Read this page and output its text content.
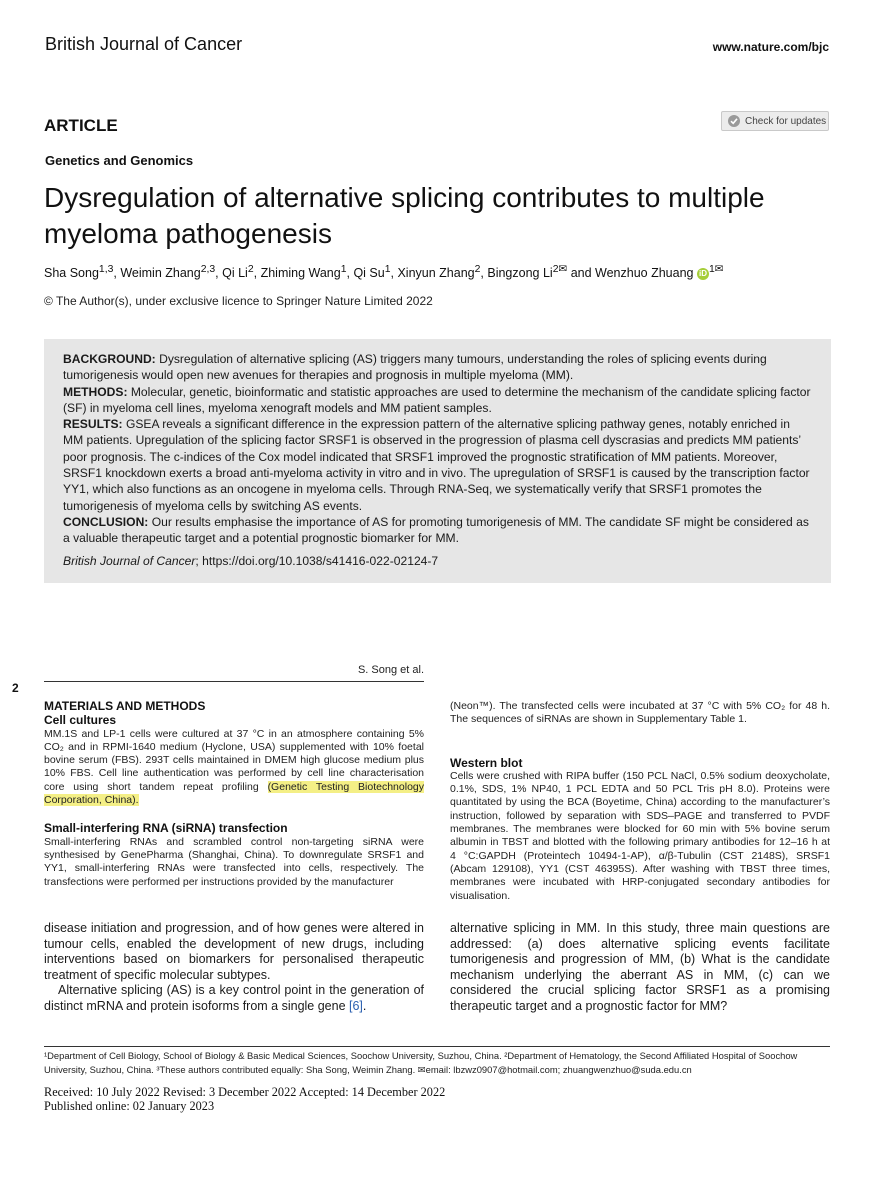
British Journal of Cancer	www.nature.com/bjc
ARTICLE	Check for updates
Genetics and Genomics
Dysregulation of alternative splicing contributes to multiple myeloma pathogenesis
Sha Song$^{1,3}$, Weimin Zhang$^{2,3}$, Qi Li$^2$, Zhiming Wang$^1$, Qi Su$^1$, Xinyun Zhang$^2$, Bingzong $Li^{2✉}$ and Wenzhuo Zhuang iD $^{1✉}$
© The Author(s), under exclusive licence to Springer Nature Limited 2022

BACKGROUND: Dysregulation of alternative splicing (AS) triggers many tumours, understanding the roles of splicing events during tumorigenesis would open new avenues for therapies and prognosis in multiple myeloma (MM).

METHODS: Molecular, genetic, bioinformatic and statistic approaches are used to determine the mechanism of the candidate splicing factor (SF) in myeloma cell lines, myeloma xenograft models and MM patient samples.

RESULTS: GSEA reveals a significant difference in the expression pattern of the alternative splicing pathway genes, notably enriched in MM patients. Upregulation of the splicing factor SRSF1 is observed in the progression of plasma cell dyscrasias and predicts MM patients’ poor prognosis. The c-indices of the Cox model indicated that SRSF1 improved the prognostic stratification of MM patients. Moreover, SRSF1 knockdown exerts a broad anti-myeloma activity in vitro and in vivo. The upregulation of SRSF1 is caused by the transcription factor YY1, which also functions as an oncogene in myeloma cells. Through RNA-Seq, we systematically verify that SRSF1 promotes the tumorigenesis of myeloma cells by switching AS events.

CONCLUSION: Our results emphasise the importance of AS for promoting tumorigenesis of MM. The candidate SF might be considered as a valuable therapeutic target and a potential prognostic biomarker for MM.

British Journal of Cancer; https://doi.org/10.1038/s41416-022-02124-7

S. Song et al.
2
MATERIALS AND METHODS
Cell cultures

MM.1S and LP-1 cells were cultured at 37 °C in an atmosphere containing 5% CO₂ and in RPMI-1640 medium (Hyclone, USA) supplemented with 10% foetal bovine serum (FBS). 293T cells maintained in DMEM high glucose medium plus 10% FBS. Cell line authentication was performed by cell line characterisation core using short tandem repeat profiling (Genetic Testing Biotechnology Corporation, China).

Small-interfering RNA (siRNA) transfection

Small-interfering RNAs and scrambled control non-targeting siRNA were synthesised by GenePharma (Shanghai, China). To downregulate SRSF1 and YY1, small-interfering RNAs were transfected into cells, respectively. The transfections were performed per instructions provided by the manufacturer

(Neon™). The transfected cells were incubated at 37 °C with 5% CO₂ for 48 h. The sequences of siRNAs are shown in Supplementary Table 1.

Western blot

Cells were crushed with RIPA buffer (150 PCL NaCl, 0.5% sodium deoxycholate, 0.1%, SDS, 1% NP40, 1 PCL EDTA and 50 PCL Tris pH 8.0). Proteins were quantitated by using the BCA (Boyetime, China) according to the manufacturer’s instruction, followed by separation with SDS–PAGE and transferred to PVDF membranes. The membranes were blocked for 60 min with 5% bovine serum albumin in TBST and blotted with the following primary antibodies for 12–16 h at 4 °C:GAPDH (Proteintech 10494-1-AP), α/β-Tubulin (CST 2148S), SRSF1 (Abcam 129108), YY1 (CST 46395S). After washing with TBST three times, membranes were incubated with HRP-conjugated secondary antibodies for visualisation.

disease initiation and progression, and of how genes were altered in tumour cells, enabled the development of new drugs, including interventions based on biomarkers for personalised therapeutic treatment of specific molecular subtypes.

Alternative splicing (AS) is a key control point in the generation of distinct mRNA and protein isoforms from a single gene [6].

alternative splicing in MM. In this study, three main questions are addressed: (a) does alternative splicing events facilitate tumorigenesis and progression of MM, (b) What is the candidate mechanism underlying the aberrant AS in MM, (c) can we considered the crucial splicing factor SRSF1 as a promising therapeutic target and a prognostic factor for MM?

¹Department of Cell Biology, School of Biology & Basic Medical Sciences, Soochow University, Suzhou, China. ²Department of Hematology, the Second Affiliated Hospital of Soochow University, Suzhou, China. ³These authors contributed equally: Sha Song, Weimin Zhang. ✉email: lbzwz0907@hotmail.com; zhuangwenzhuo@suda.edu.cn
Received: 10 July 2022 Revised: 3 December 2022 Accepted: 14 December 2022
Published online: 02 January 2023
